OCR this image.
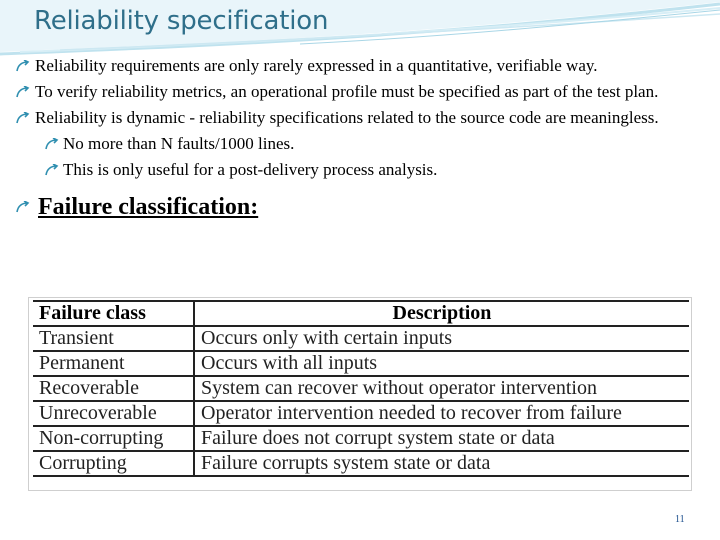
Reliability specification
Reliability requirements are only rarely expressed in a quantitative, verifiable way.
To verify reliability metrics, an operational profile must be specified as part of the test plan.
Reliability is dynamic - reliability specifications related to the source code are meaningless.
No more than N faults/1000 lines.
This is only useful for a post-delivery process analysis.
Failure classification:
Failure class	Description
Transient	Occurs only with certain inputs
Permanent	Occurs with all inputs
Recoverable	System can recover without operator intervention
Unrecoverable	Operator intervention needed to recover from failure
Non-corrupting	Failure does not corrupt system state or data
Corrupting	Failure corrupts system state or data
11
